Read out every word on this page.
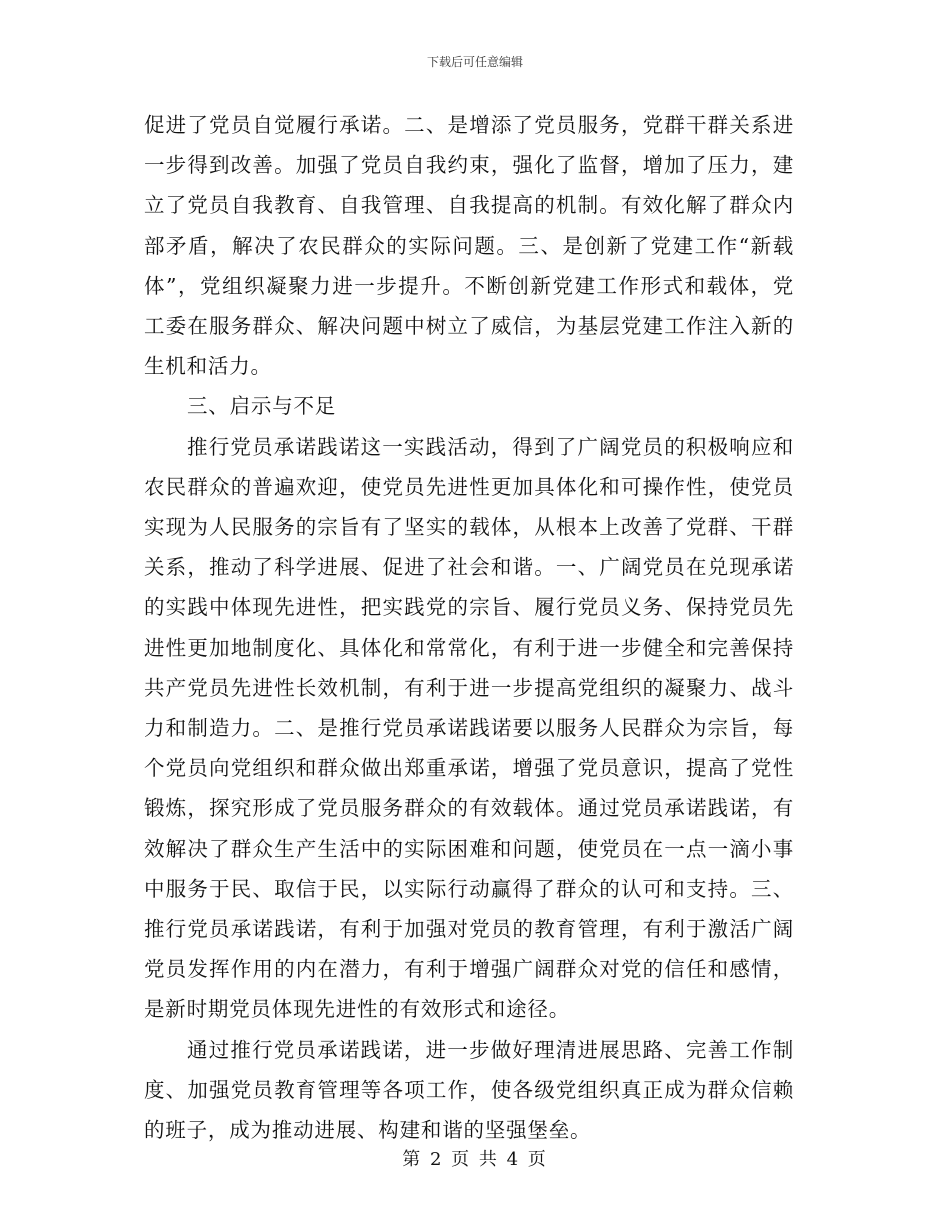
下载后可任意编辑

促进了党员自觉履行承诺。二、是增添了党员服务，党群干群关系进一步得到改善。加强了党员自我约束，强化了监督，增加了压力，建立了党员自我教育、自我管理、自我提高的机制。有效化解了群众内部矛盾，解决了农民群众的实际问题。三、是创新了党建工作“新载体”，党组织凝聚力进一步提升。不断创新党建工作形式和载体，党工委在服务群众、解决问题中树立了威信，为基层党建工作注入新的生机和活力。

三、启示与不足

推行党员承诺践诺这一实践活动，得到了广阔党员的积极响应和农民群众的普遍欢迎，使党员先进性更加具体化和可操作性，使党员实现为人民服务的宗旨有了坚实的载体，从根本上改善了党群、干群关系，推动了科学进展、促进了社会和谐。一、广阔党员在兑现承诺的实践中体现先进性，把实践党的宗旨、履行党员义务、保持党员先进性更加地制度化、具体化和常常化，有利于进一步健全和完善保持共产党员先进性长效机制，有利于进一步提高党组织的凝聚力、战斗力和制造力。二、是推行党员承诺践诺要以服务人民群众为宗旨，每个党员向党组织和群众做出郑重承诺，增强了党员意识，提高了党性锻炼，探究形成了党员服务群众的有效载体。通过党员承诺践诺，有效解决了群众生产生活中的实际困难和问题，使党员在一点一滴小事中服务于民、取信于民，以实际行动赢得了群众的认可和支持。三、推行党员承诺践诺，有利于加强对党员的教育管理，有利于激活广阔党员发挥作用的内在潜力，有利于增强广阔群众对党的信任和感情，是新时期党员体现先进性的有效形式和途径。

通过推行党员承诺践诺，进一步做好理清进展思路、完善工作制度、加强党员教育管理等各项工作，使各级党组织真正成为群众信赖的班子，成为推动进展、构建和谐的坚强堡垒。

第 2 页 共 4 页
